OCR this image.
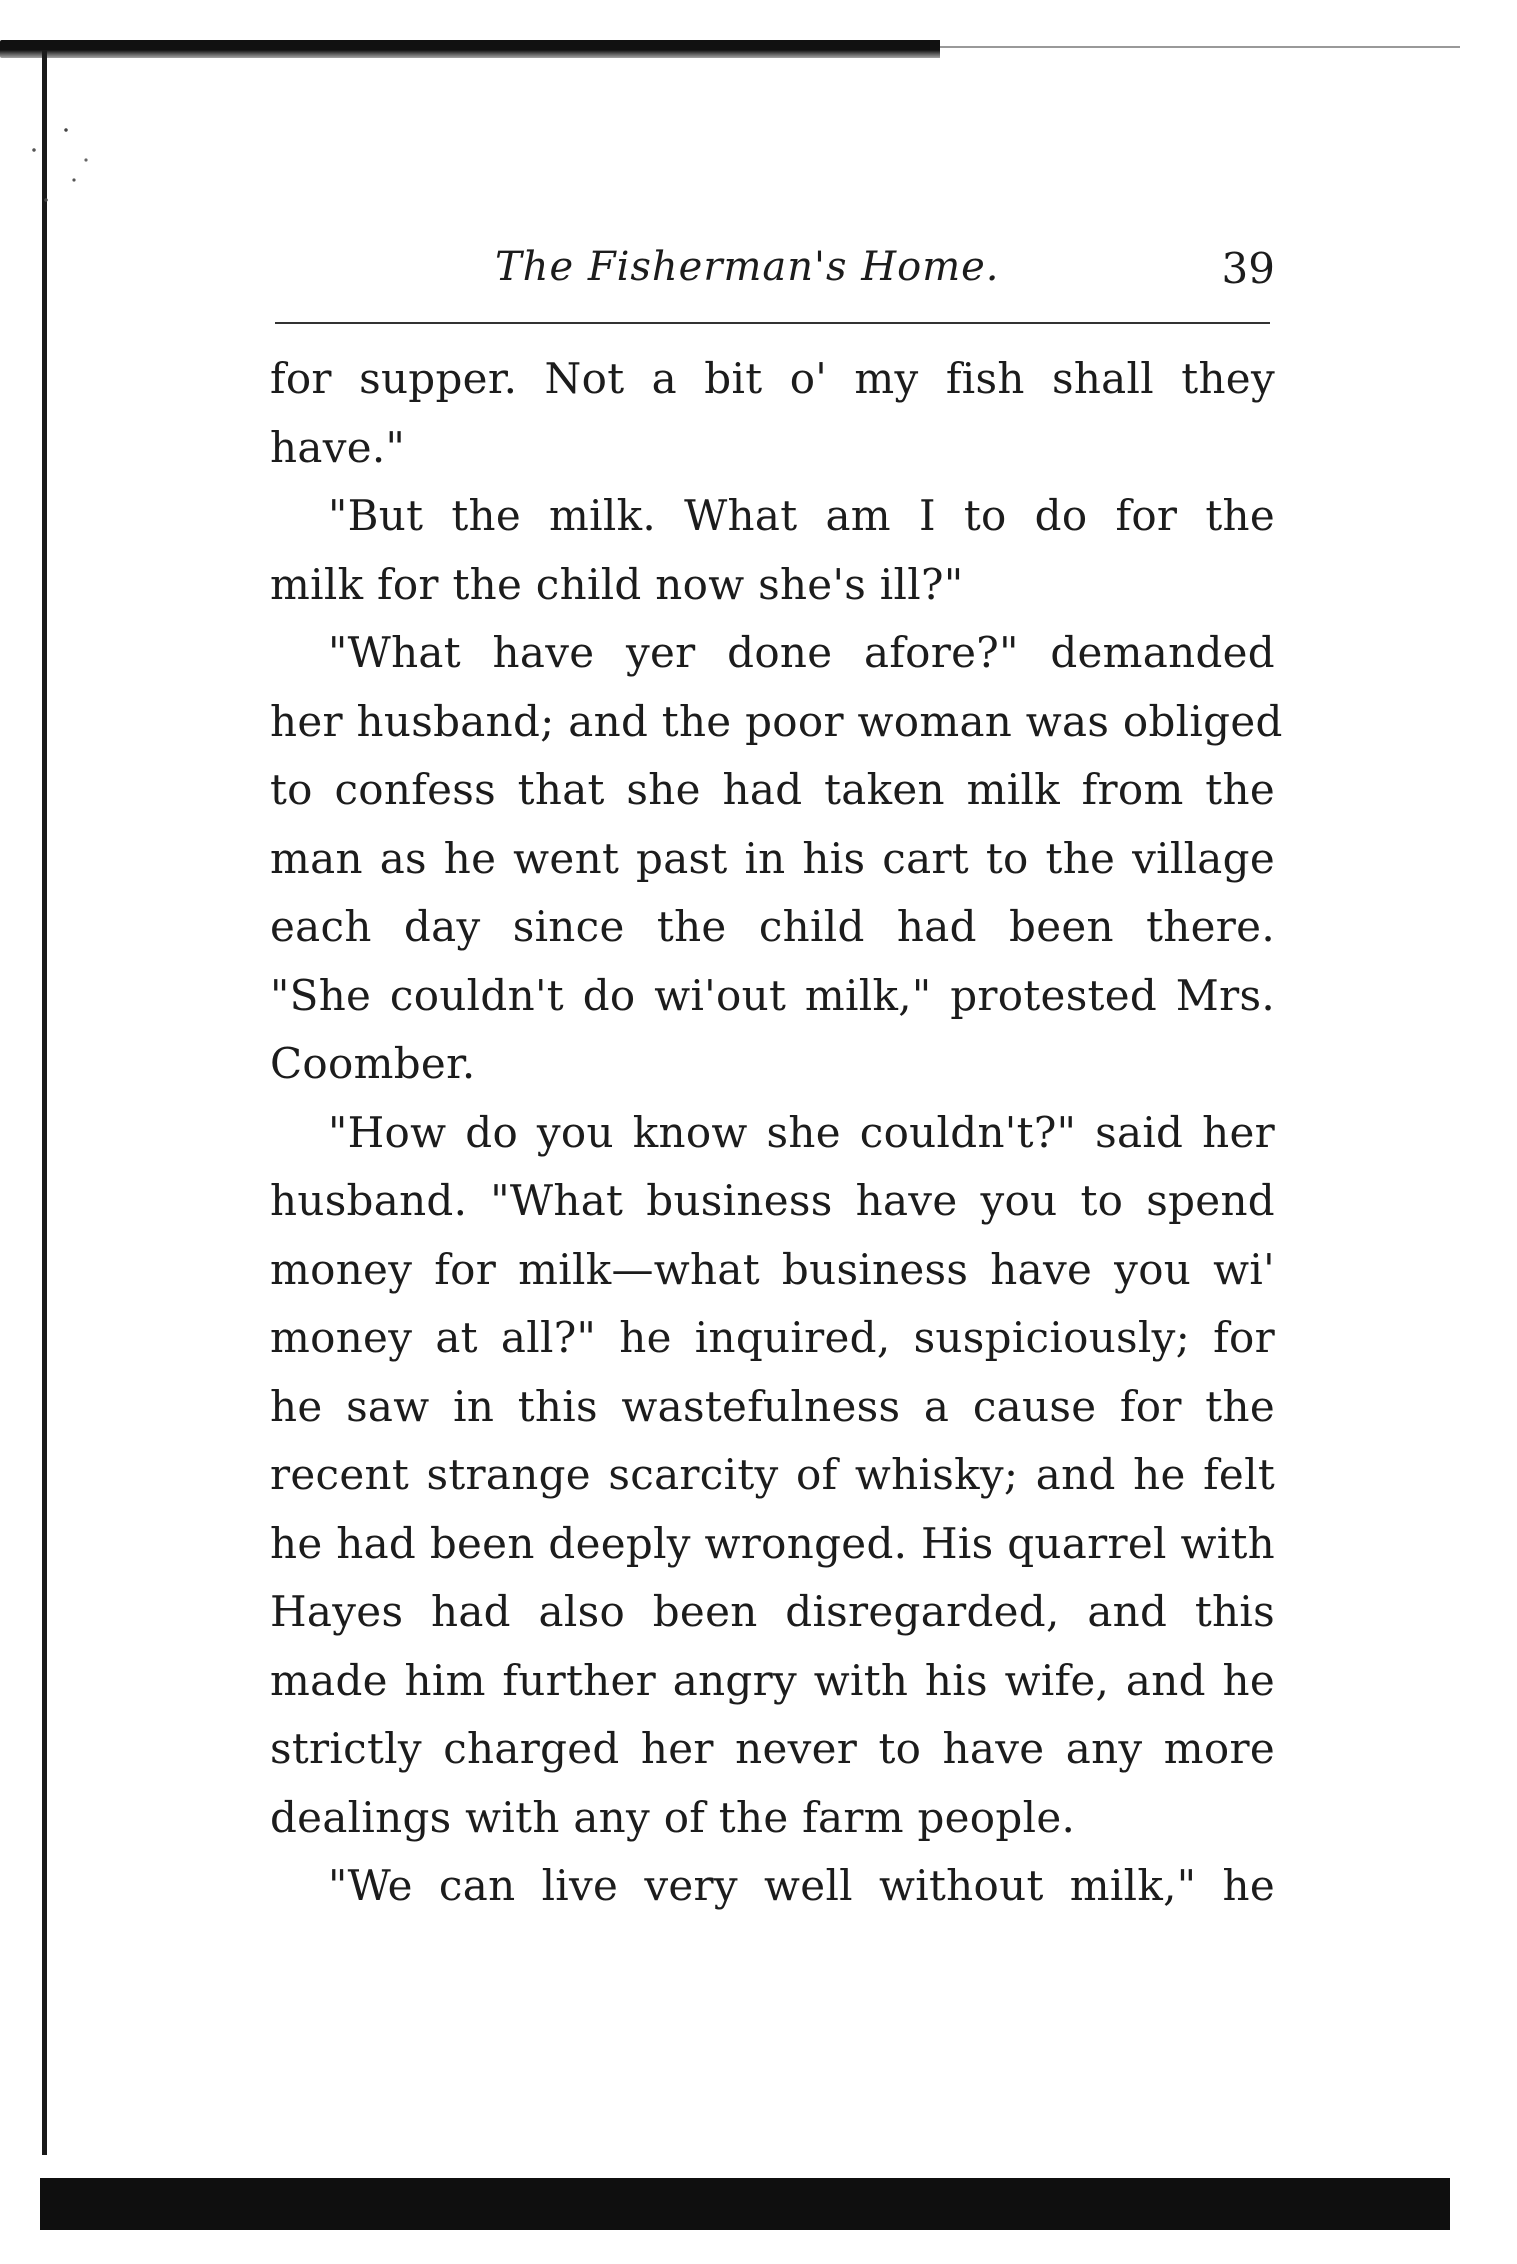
The Fisherman's Home.	39
for supper. Not a bit o' my fish shall they
have."
"But the milk. What am I to do for the
milk for the child now she's ill?"
"What have yer done afore?" demanded
her husband; and the poor woman was obliged
to confess that she had taken milk from the
man as he went past in his cart to the village
each day since the child had been there.
"She couldn't do wi'out milk," protested Mrs.
Coomber.
"How do you know she couldn't?" said her
husband. "What business have you to spend
money for milk—what business have you wi'
money at all?" he inquired, suspiciously; for
he saw in this wastefulness a cause for the
recent strange scarcity of whisky; and he felt
he had been deeply wronged. His quarrel with
Hayes had also been disregarded, and this
made him further angry with his wife, and he
strictly charged her never to have any more
dealings with any of the farm people.
"We can live very well without milk," he
